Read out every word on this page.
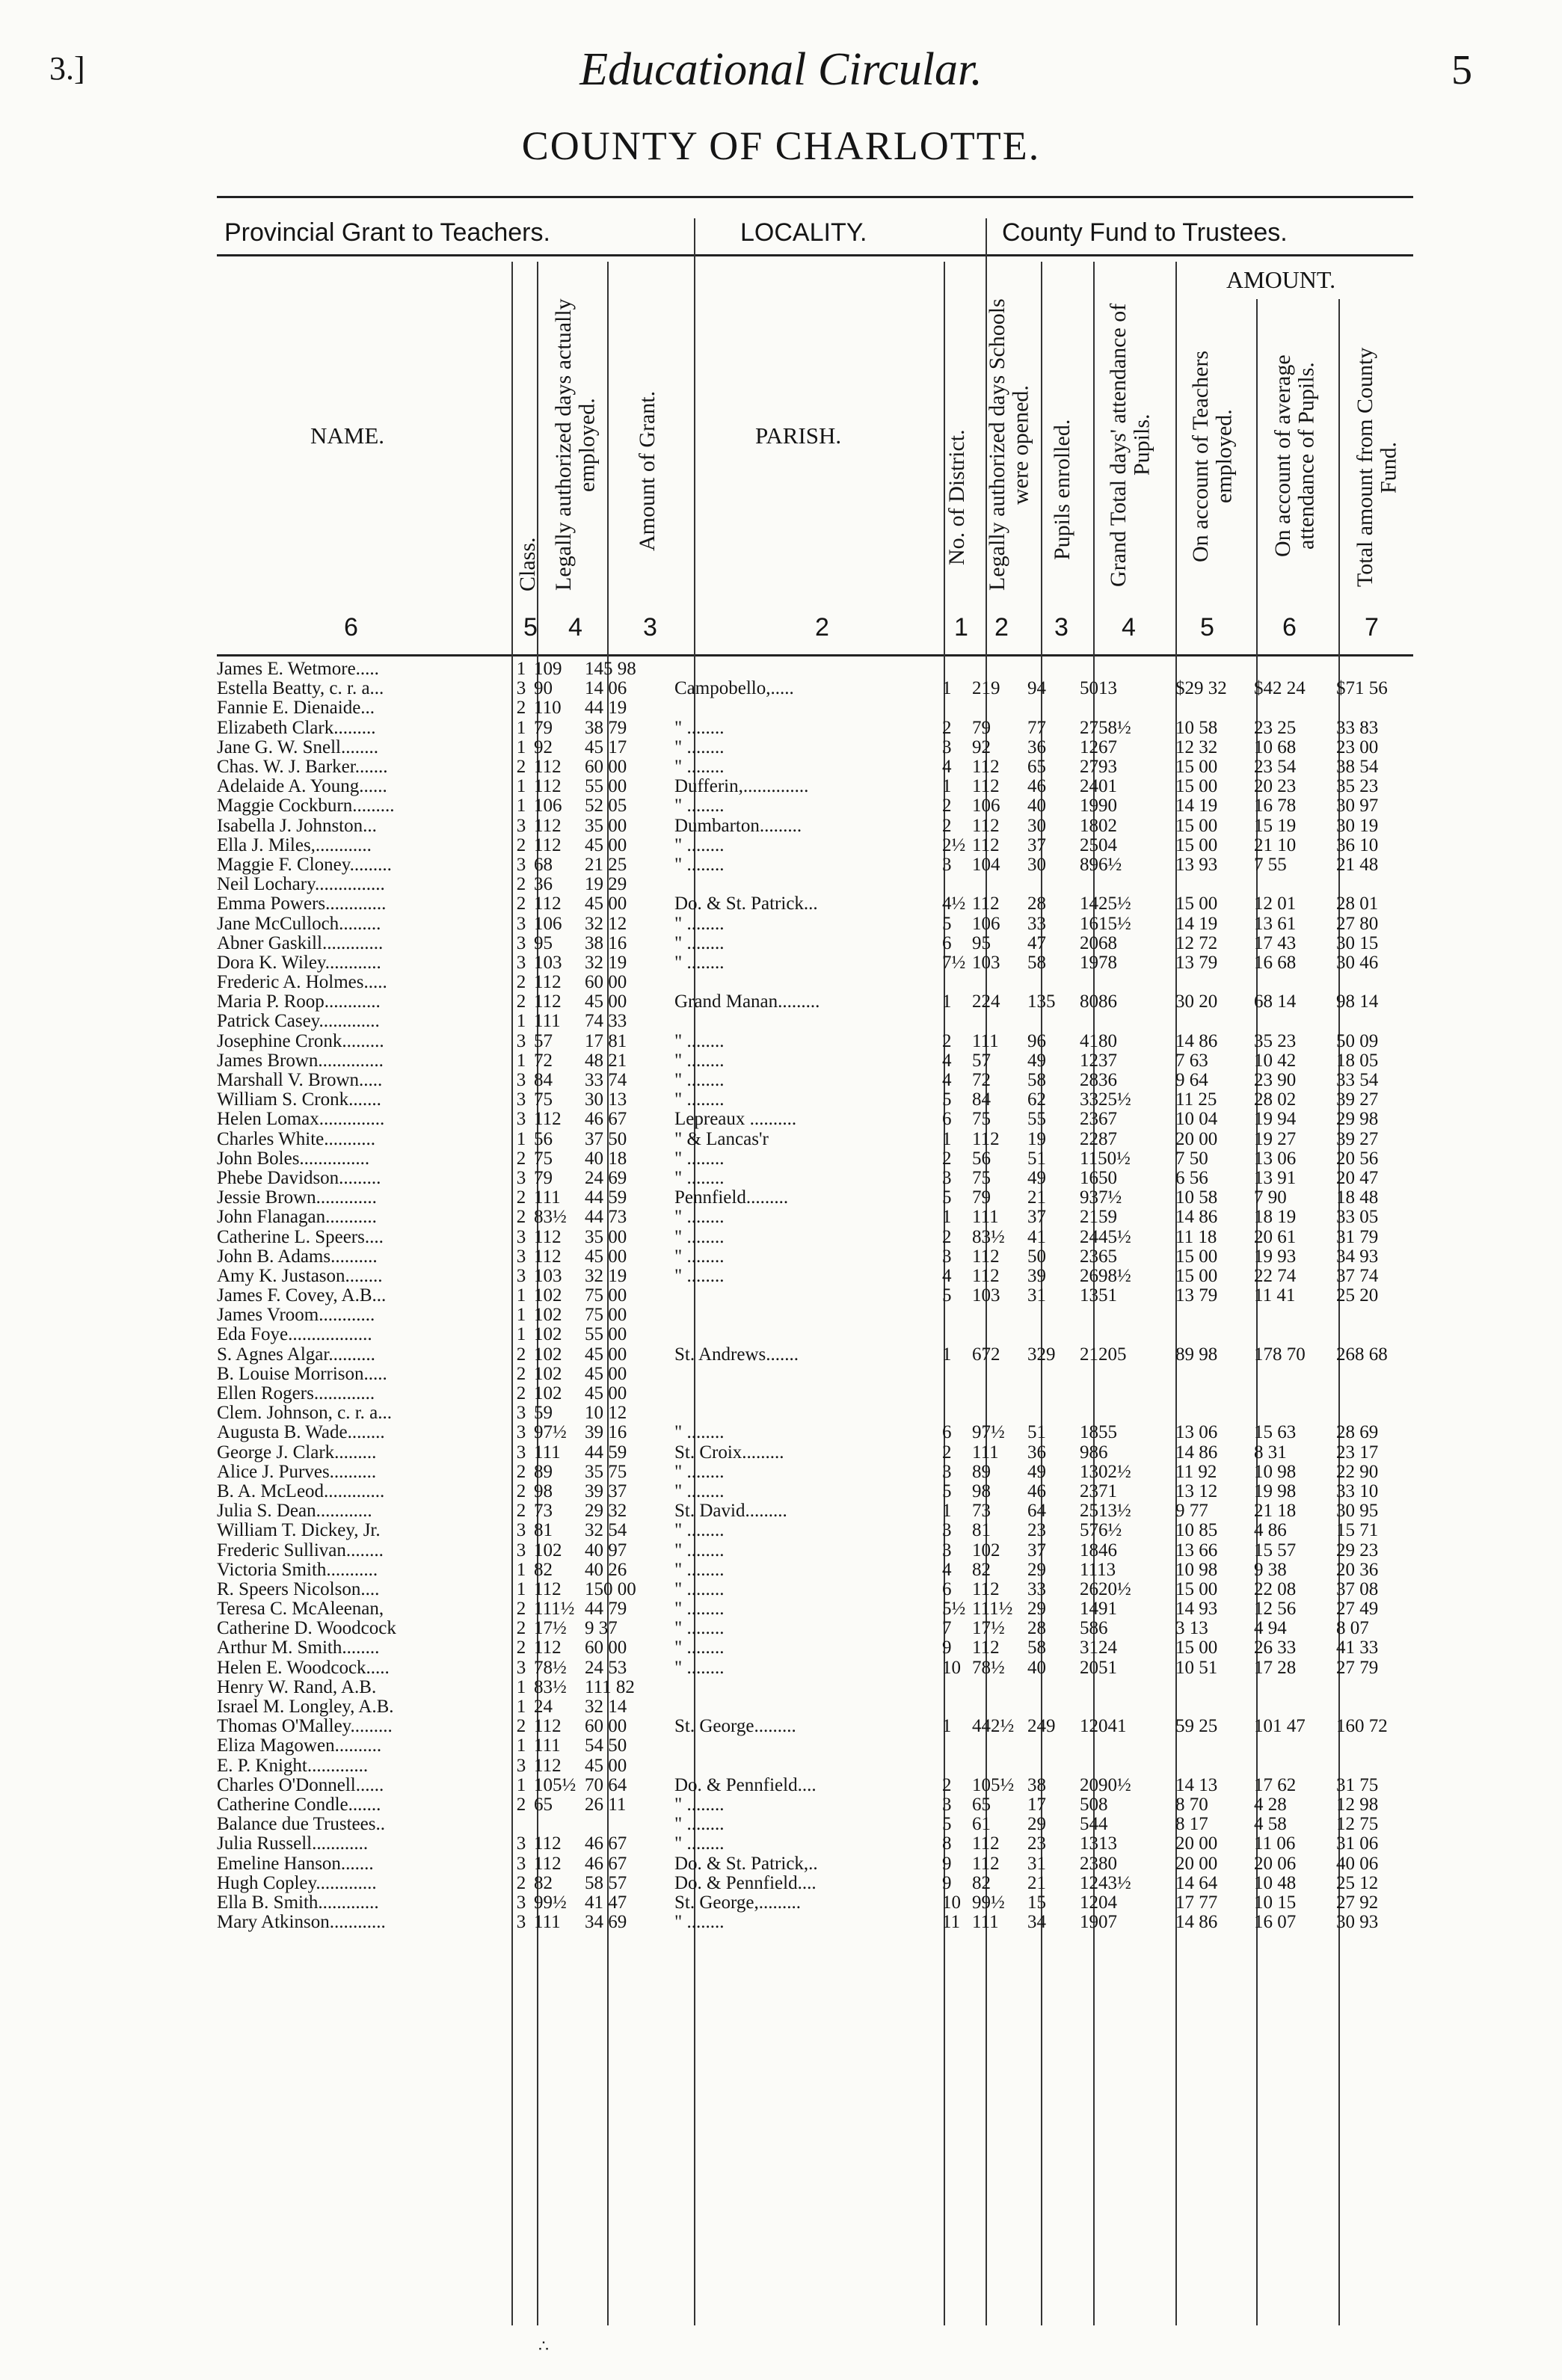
3.]	Educational Circular.	5
COUNTY OF CHARLOTTE.
Provincial Grant to Teachers.	LOCALITY.	County Fund to Trustees.
AMOUNT.
NAME.
Class. Legally authorized days actually employed. Amount of Grant.	PARISH.	No. of District. Legally authorized days Schools were opened. Pupils enrolled. Grand Total days' attendance of Pupils. On account of Teachers employed. On account of average attendance of Pupils. Total amount from County Fund.
6	5 4 3	2	1 2 3 4	5	6	7
James E. Wetmore.....	1	109	145 98								
Estella Beatty, c. r. a...	3	90	14 06	Campobello,.....	1	219	94	5013	$29 32	$42 24	$71 56
Fannie E. Dienaide...	2	110	44 19								
Elizabeth Clark.........	1	79	38 79	" ........	2	79	77	2758½	10 58	23 25	33 83
Jane G. W. Snell........	1	92	45 17	" ........	3	92	36	1267	12 32	10 68	23 00
Chas. W. J. Barker.......	2	112	60 00	" ........	4	112	65	2793	15 00	23 54	38 54
Adelaide A. Young......	1	112	55 00	Dufferin,..............	1	112	46	2401	15 00	20 23	35 23
Maggie Cockburn.........	1	106	52 05	" ........	2	106	40	1990	14 19	16 78	30 97
Isabella J. Johnston...	3	112	35 00	Dumbarton.........	2	112	30	1802	15 00	15 19	30 19
Ella J. Miles,............	2	112	45 00	" ........	2½	112	37	2504	15 00	21 10	36 10
Maggie F. Cloney.........	3	68	21 25	" ........	3	104	30	896½	13 93	7 55	21 48
Neil Lochary...............	2	36	19 29								
Emma Powers.............	2	112	45 00	Do. & St. Patrick...	4½	112	28	1425½	15 00	12 01	28 01
Jane McCulloch.........	3	106	32 12	" ........	5	106	33	1615½	14 19	13 61	27 80
Abner Gaskill.............	3	95	38 16	" ........	6	95	47	2068	12 72	17 43	30 15
Dora K. Wiley............	3	103	32 19	" ........	7½	103	58	1978	13 79	16 68	30 46
Frederic A. Holmes.....	2	112	60 00								
Maria P. Roop............	2	112	45 00	Grand Manan.........	1	224	135	8086	30 20	68 14	98 14
Patrick Casey.............	1	111	74 33								
Josephine Cronk.........	3	57	17 81	" ........	2	111	96	4180	14 86	35 23	50 09
James Brown..............	1	72	48 21	" ........	4	57	49	1237	7 63	10 42	18 05
Marshall V. Brown.....	3	84	33 74	" ........	4	72	58	2836	9 64	23 90	33 54
William S. Cronk.......	3	75	30 13	" ........	5	84	62	3325½	11 25	28 02	39 27
Helen Lomax..............	3	112	46 67	Lepreaux ..........	6	75	55	2367	10 04	19 94	29 98
Charles White...........	1	56	37 50	" & Lancas'r	1	112	19	2287	20 00	19 27	39 27
John Boles...............	2	75	40 18	" ........	2	56	51	1150½	7 50	13 06	20 56
Phebe Davidson.........	3	79	24 69	" ........	3	75	49	1650	6 56	13 91	20 47
Jessie Brown.............	2	111	44 59	Pennfield.........	5	79	21	937½	10 58	7 90	18 48
John Flanagan...........	2	83½	44 73	" ........	1	111	37	2159	14 86	18 19	33 05
Catherine L. Speers....	3	112	35 00	" ........	2	83½	41	2445½	11 18	20 61	31 79
John B. Adams..........	3	112	45 00	" ........	3	112	50	2365	15 00	19 93	34 93
Amy K. Justason........	3	103	32 19	" ........	4	112	39	2698½	15 00	22 74	37 74
James F. Covey, A.B...	1	102	75 00		5	103	31	1351	13 79	11 41	25 20
James Vroom............	1	102	75 00								
Eda Foye..................	1	102	55 00								
S. Agnes Algar..........	2	102	45 00	St. Andrews.......	1	672	329	21205	89 98	178 70	268 68
B. Louise Morrison.....	2	102	45 00								
Ellen Rogers.............	2	102	45 00								
Clem. Johnson, c. r. a...	3	59	10 12								
Augusta B. Wade........	3	97½	39 16	" ........	6	97½	51	1855	13 06	15 63	28 69
George J. Clark.........	3	111	44 59	St. Croix.........	2	111	36	986	14 86	8 31	23 17
Alice J. Purves..........	2	89	35 75	" ........	3	89	49	1302½	11 92	10 98	22 90
B. A. McLeod.............	2	98	39 37	" ........	5	98	46	2371	13 12	19 98	33 10
Julia S. Dean............	2	73	29 32	St. David.........	1	73	64	2513½	9 77	21 18	30 95
William T. Dickey, Jr.	3	81	32 54	" ........	3	81	23	576½	10 85	4 86	15 71
Frederic Sullivan........	3	102	40 97	" ........	3	102	37	1846	13 66	15 57	29 23
Victoria Smith...........	1	82	40 26	" ........	4	82	29	1113	10 98	9 38	20 36
R. Speers Nicolson....	1	112	150 00	" ........	6	112	33	2620½	15 00	22 08	37 08
Teresa C. McAleenan,	2	111½	44 79	" ........	5½	111½	29	1491	14 93	12 56	27 49
Catherine D. Woodcock	2	17½	9 37	" ........	7	17½	28	586	3 13	4 94	8 07
Arthur M. Smith........	2	112	60 00	" ........	9	112	58	3124	15 00	26 33	41 33
Helen E. Woodcock.....	3	78½	24 53	" ........	10	78½	40	2051	10 51	17 28	27 79
Henry W. Rand, A.B.	1	83½	111 82								
Israel M. Longley, A.B.	1	24	32 14								
Thomas O'Malley.........	2	112	60 00	St. George.........	1	442½	249	12041	59 25	101 47	160 72
Eliza Magowen..........	1	111	54 50								
E. P. Knight.............	3	112	45 00								
Charles O'Donnell......	1	105½	70 64	Do. & Pennfield....	2	105½	38	2090½	14 13	17 62	31 75
Catherine Condle.......	2	65	26 11	" ........	3	65	17	508	8 70	4 28	12 98
Balance due Trustees..				" ........	5	61	29	544	8 17	4 58	12 75
Julia Russell............	3	112	46 67	" ........	8	112	23	1313	20 00	11 06	31 06
Emeline Hanson.......	3	112	46 67	Do. & St. Patrick,..	9	112	31	2380	20 00	20 06	40 06
Hugh Copley.............	2	82	58 57	Do. & Pennfield....	9	82	21	1243½	14 64	10 48	25 12
Ella B. Smith.............	3	99½	41 47	St. George,.........	10	99½	15	1204	17 77	10 15	27 92
Mary Atkinson............	3	111	34 69	" ........	11	111	34	1907	14 86	16 07	30 93
∴
